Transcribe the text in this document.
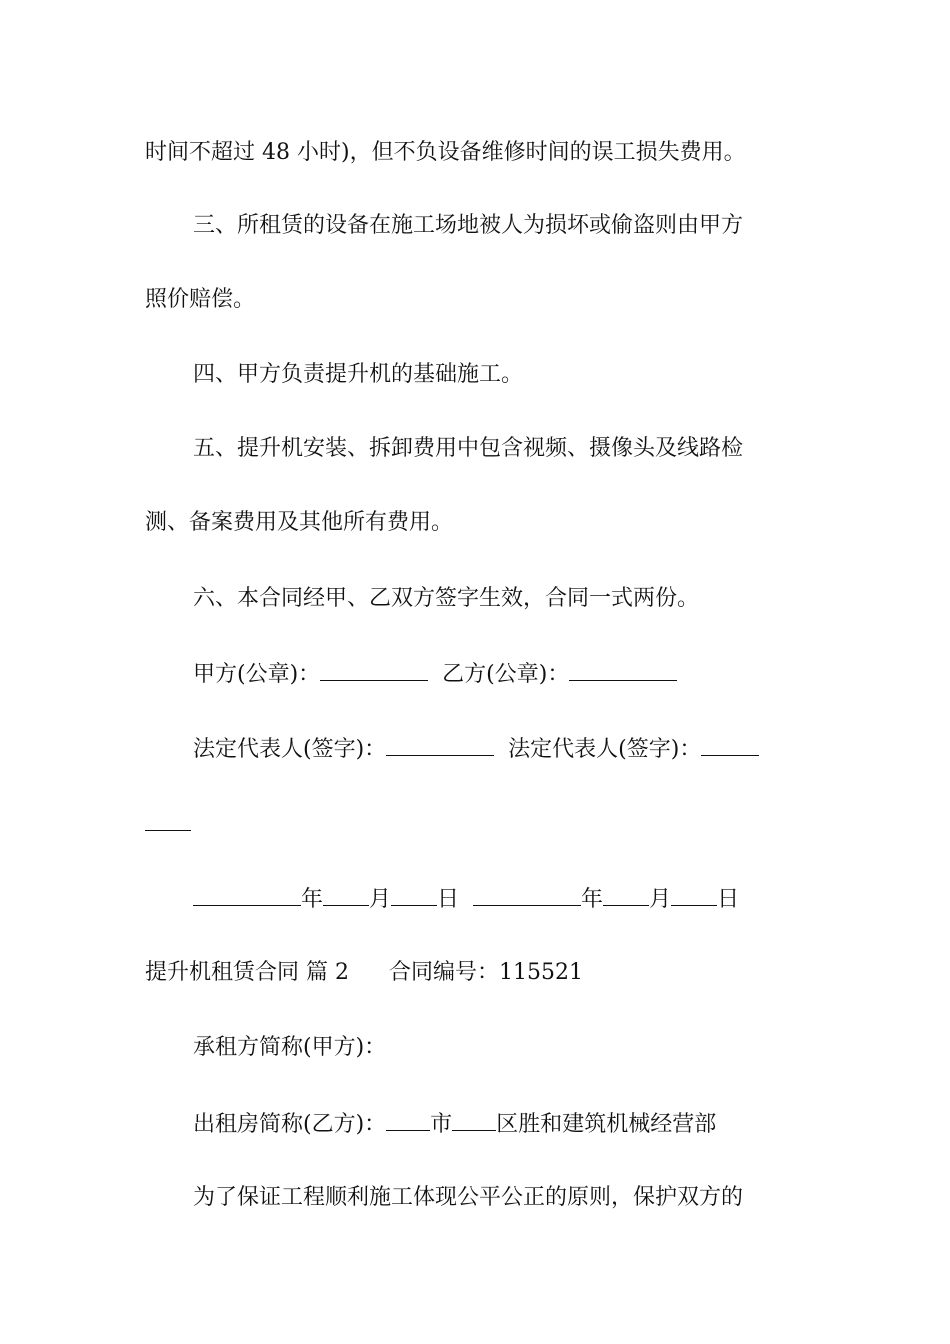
时间不超过 48 小时)，但不负设备维修时间的误工损失费用。
三、所租赁的设备在施工场地被人为损坏或偷盗则由甲方
照价赔偿。
四、甲方负责提升机的基础施工。
五、提升机安装、拆卸费用中包含视频、摄像头及线路检
测、备案费用及其他所有费用。
六、本合同经甲、乙双方签字生效，合同一式两份。
甲方(公章)：	乙方(公章)：
法定代表人(签字)：	法定代表人(签字)：
年 月 日	年 月 日
提升机租赁合同 篇 2 合同编号：115521
承租方简称(甲方)：
出租房简称(乙方)： 市 区胜和建筑机械经营部
为了保证工程顺利施工体现公平公正的原则，保护双方的
